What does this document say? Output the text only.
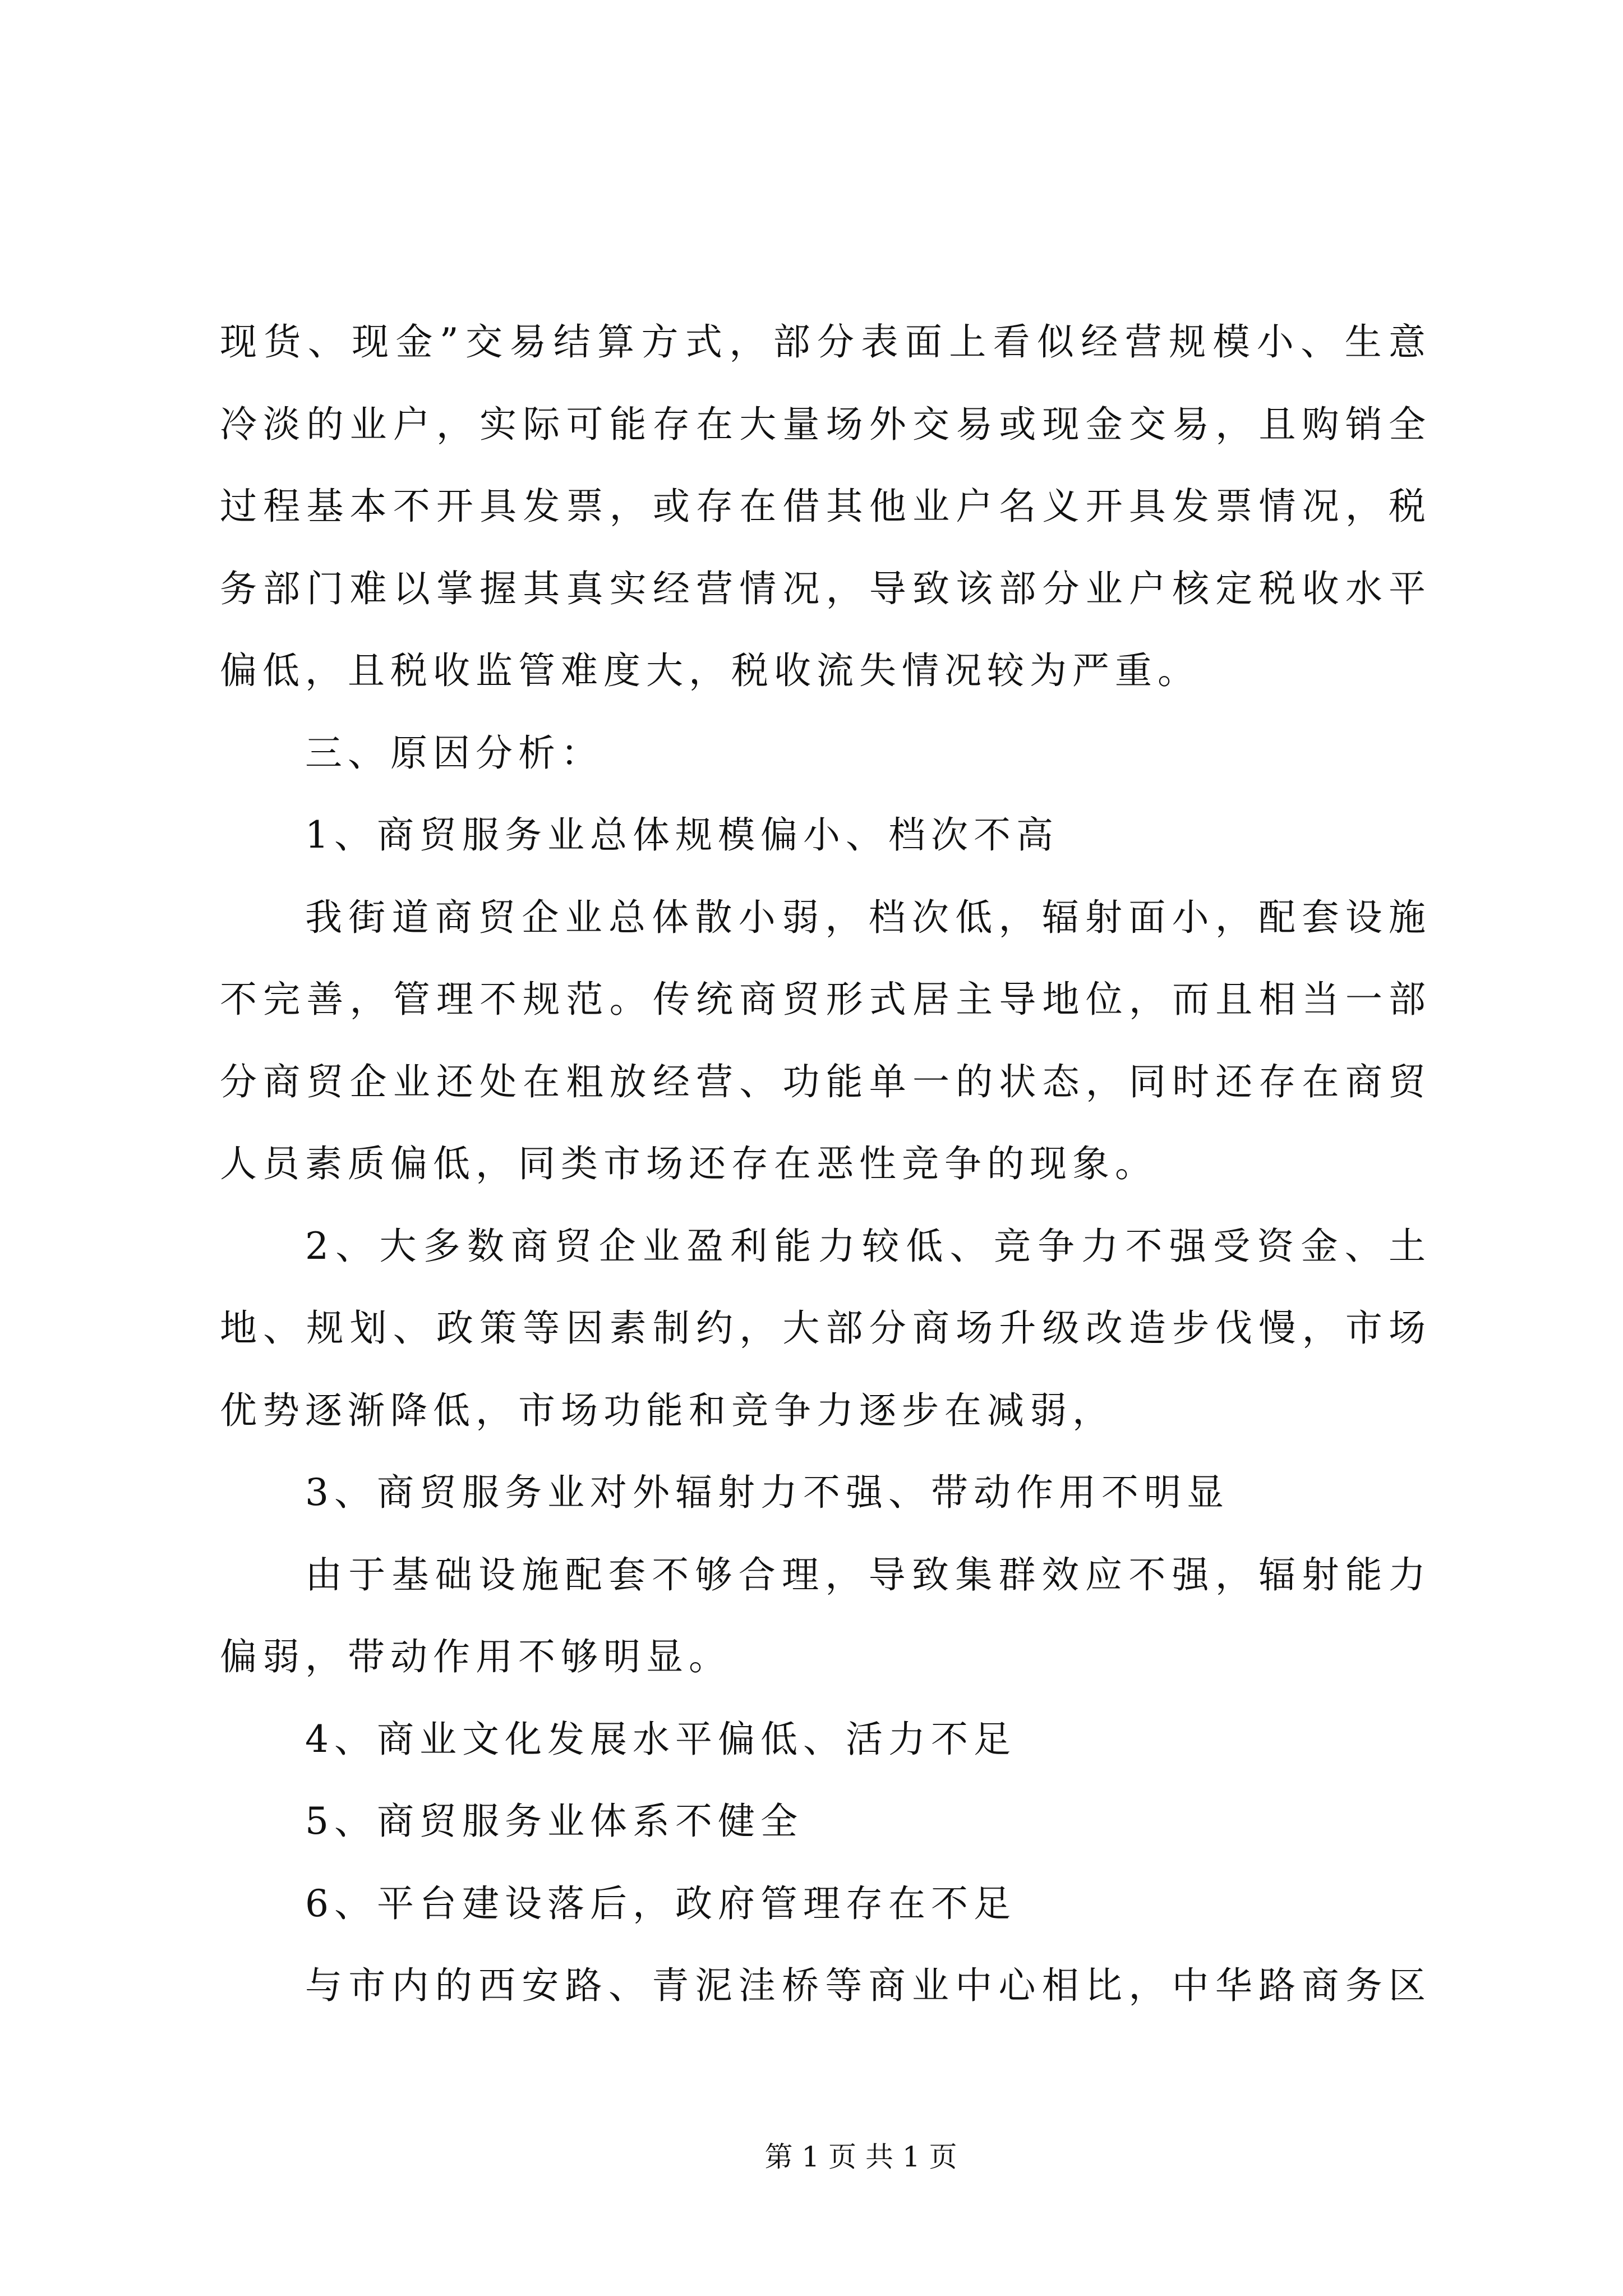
现货、现金”交易结算方式，部分表面上看似经营规模小、生意
冷淡的业户，实际可能存在大量场外交易或现金交易，且购销全
过程基本不开具发票，或存在借其他业户名义开具发票情况，税
务部门难以掌握其真实经营情况，导致该部分业户核定税收水平
偏低，且税收监管难度大，税收流失情况较为严重。
三、原因分析：
1、商贸服务业总体规模偏小、档次不高
我街道商贸企业总体散小弱，档次低，辐射面小，配套设施
不完善，管理不规范。传统商贸形式居主导地位，而且相当一部
分商贸企业还处在粗放经营、功能单一的状态，同时还存在商贸
人员素质偏低，同类市场还存在恶性竞争的现象。
2、大多数商贸企业盈利能力较低、竞争力不强受资金、土
地、规划、政策等因素制约，大部分商场升级改造步伐慢，市场
优势逐渐降低，市场功能和竞争力逐步在减弱，
3、商贸服务业对外辐射力不强、带动作用不明显
由于基础设施配套不够合理，导致集群效应不强，辐射能力
偏弱，带动作用不够明显。
4、商业文化发展水平偏低、活力不足
5、商贸服务业体系不健全
6、平台建设落后，政府管理存在不足
与市内的西安路、青泥洼桥等商业中心相比，中华路商务区
第 1 页 共 1 页
